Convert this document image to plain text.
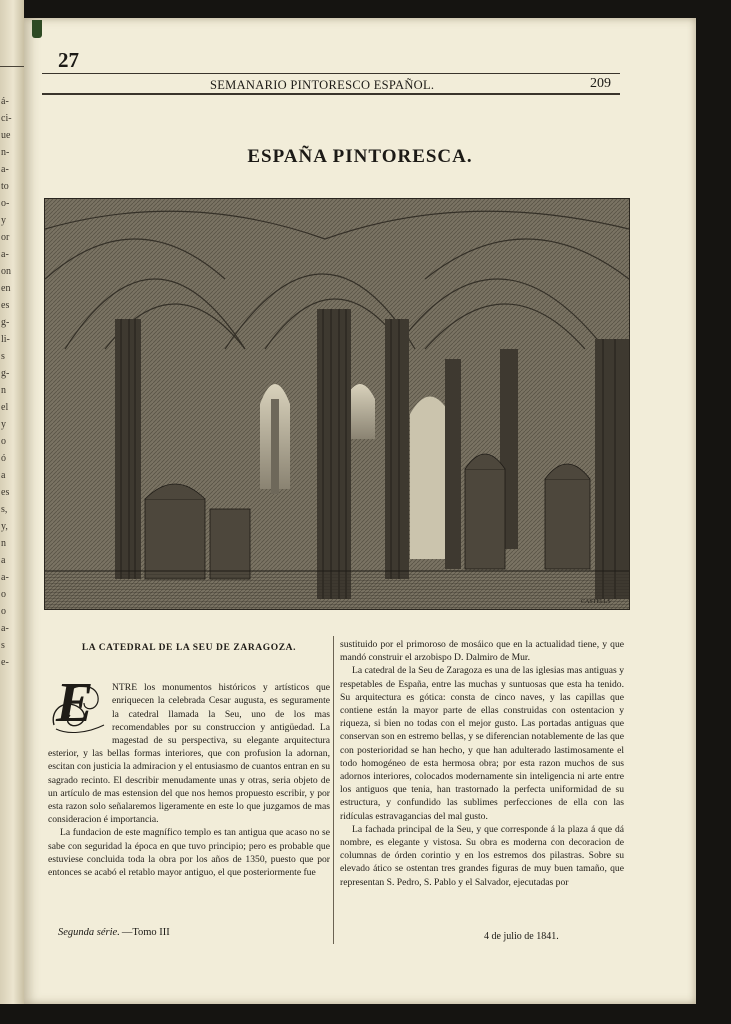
á-
ci-
ue
n-
a-
to
o-
y
or
a-
on
en
es
g-
li-
s
g-
n
el
y
o
ó
a
es
s,
y,
n
a
a-
o
o
a-
s
e-
27
SEMANARIO PINTORESCO ESPAÑOL.	209
ESPAÑA PINTORESCA.
CASTELLS
LA CATEDRAL DE LA SEU DE ZARAGOZA.
E	NTRE los monumentos históricos y artísticos que enriquecen la celebrada Cesar augusta, es seguramente la catedral llamada la Seu, uno de los mas recomendables por su construccion y antigüedad. La magestad de su perspectiva, su elegante arquitectura esterior, y las bellas formas interiores, que con profusion la adornan, escitan con justicia la admiracion y el entusiasmo de cuantos entran en su sagrado recinto. El describir menudamente unas y otras, seria objeto de un artículo de mas estension del que nos hemos propuesto escribir, y por esta razon solo señalaremos ligeramente en este lo que juzgamos de mas consideracion é importancia.

La fundacion de este magnífico templo es tan antigua que acaso no se sabe con seguridad la época en que tuvo principio; pero es probable que estuviese concluida toda la obra por los años de 1350, puesto que por entonces se acabó el retablo mayor antiguo, el que posteriormente fue

sustituido por el primoroso de mosáico que en la actualidad tiene, y que mandó construir el arzobispo D. Dalmiro de Mur.

La catedral de la Seu de Zaragoza es una de las iglesias mas antiguas y respetables de España, entre las muchas y suntuosas que esta ha tenido. Su arquitectura es gótica: consta de cinco naves, y las capillas que contiene están la mayor parte de ellas construidas con ostentacion y riqueza, si bien no todas con el mejor gusto. Las portadas antiguas que conservan son en estremo bellas, y se diferencian notablemente de las que con posterioridad se han hecho, y que han adulterado lastimosamente el todo homogéneo de esta hermosa obra; por esta razon muchos de sus adornos interiores, colocados modernamente sin inteligencia ni arte entre los antiguos que tenia, han trastornado la perfecta uniformidad de su estructura, y confundido las sublimes perfecciones de ella con las ridículas estravagancias del mal gusto.

La fachada principal de la Seu, y que corresponde á la plaza á que dá nombre, es elegante y vistosa. Su obra es moderna con decoracion de columnas de órden corintio y en los estremos dos pilastras. Sobre su elevado ático se ostentan tres grandes figuras de muy buen tamaño, que representan S. Pedro, S. Pablo y el Salvador, ejecutadas por

Segunda série. —Tomo III	4 de julio de 1841.
